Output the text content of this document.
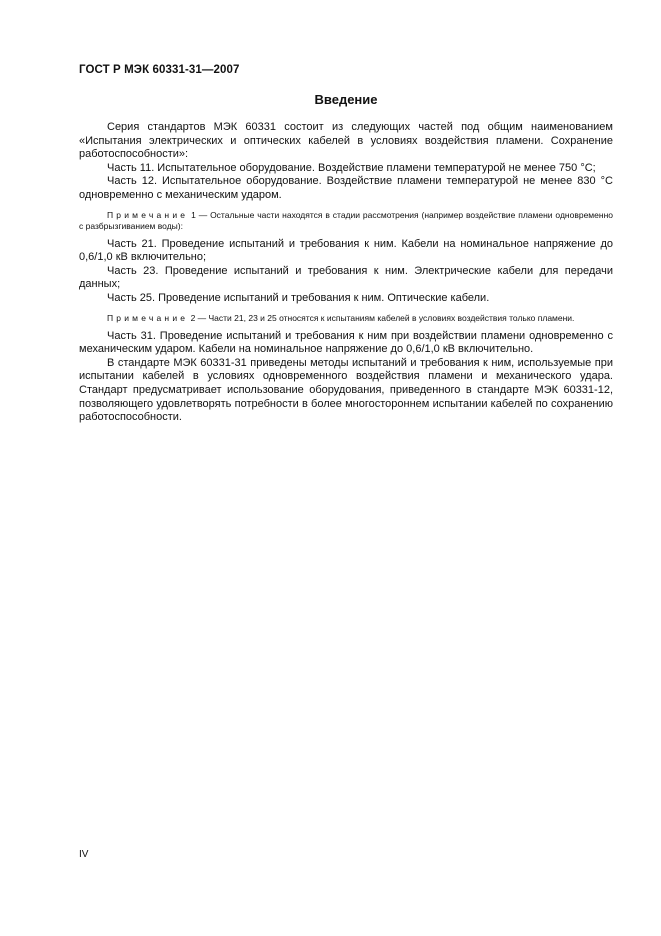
ГОСТ Р МЭК 60331-31—2007
Введение

Серия стандартов МЭК 60331 состоит из следующих частей под общим наименованием «Испытания электрических и оптических кабелей в условиях воздействия пламени. Сохранение работоспособности»:

Часть 11. Испытательное оборудование. Воздействие пламени температурой не менее 750 °С;

Часть 12. Испытательное оборудование. Воздействие пламени температурой не менее 830 °С одновременно с механическим ударом.

Примечание 1 — Остальные части находятся в стадии рассмотрения (например воздействие пламени одновременно с разбрызгиванием воды):

Часть 21. Проведение испытаний и требования к ним. Кабели на номинальное напряжение до 0,6/1,0 кВ включительно;

Часть 23. Проведение испытаний и требования к ним. Электрические кабели для передачи данных;

Часть 25. Проведение испытаний и требования к ним. Оптические кабели.

Примечание 2 — Части 21, 23 и 25 относятся к испытаниям кабелей в условиях воздействия только пламени.

Часть 31. Проведение испытаний и требования к ним при воздействии пламени одновременно с механическим ударом. Кабели на номинальное напряжение до 0,6/1,0 кВ включительно.

В стандарте МЭК 60331-31 приведены методы испытаний и требования к ним, используемые при испытании кабелей в условиях одновременного воздействия пламени и механического удара. Стандарт предусматривает использование оборудования, приведенного в стандарте МЭК 60331-12, позволяющего удовлетворять потребности в более многостороннем испытании кабелей по сохранению работоспособности.

IV
